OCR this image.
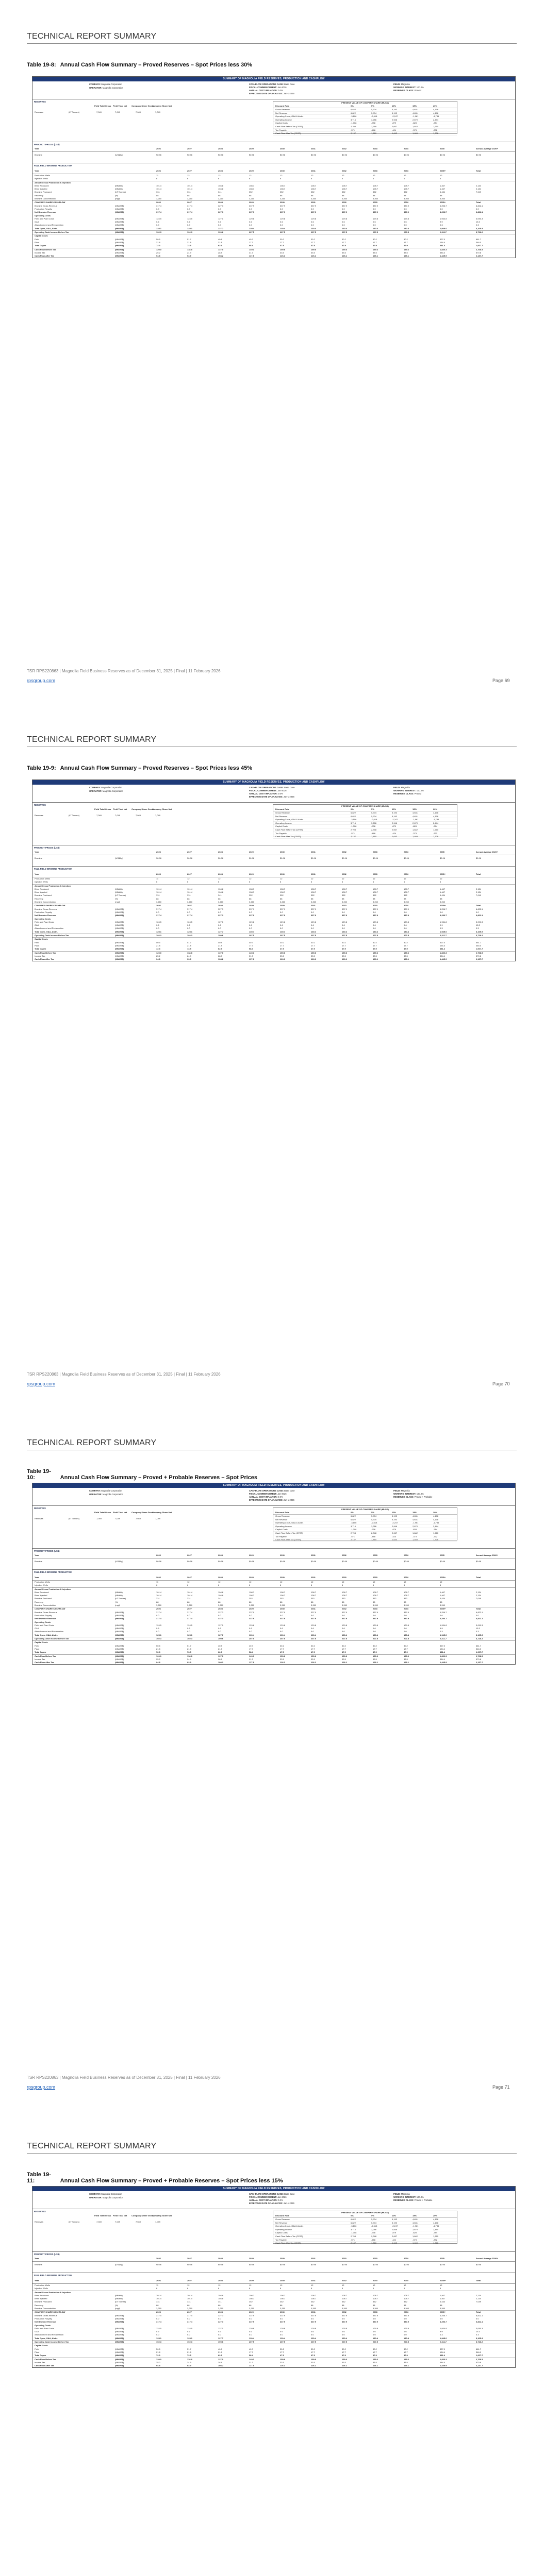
TECHNICAL REPORT SUMMARY
Table 19-8: Annual Cash Flow Summary – Proved Reserves – Spot Prices less 30%
SUMMARY OF MAGNOLIA FIELD RESERVES, PRODUCTION AND CASHFLOW
COMPANY: Magnolia Corporation
OPERATOR: Magnolia Corporation
CASHFLOW OPERATIONS CASE: Base Case
FISCAL COMMENCEMENT: Jan-2026
ANNUAL COST INFLATION: 0.0%
EFFECTIVE DATE OF ANALYSIS: Jan-1-2026
FIELD: Magnolia
WORKING INTEREST: 100.0%
RESERVES CLASS: Proved
RESERVES
Field Total Gross Field Total Net	Company Share Gross
Company Share Net
Reserves	(kT Tonnes)	7,049	7,049	7,049	7,049
PRESENT VALUE OF COMPANY SHARE (MUSD)
Discount Rate	0%	5%	10%	15%	20%
Gross Revenue	6,822	5,904	5,193	4,631	4,178
Net Revenue	6,822	5,904	5,193	4,631	4,178
Operating Costs, G&A & Abdn.	-3,106	-2,618	-2,247	-1,961	-1,734
Operating Income	3,716	3,286	2,946	2,670	2,444
Capital Costs	-1,008	-938	-879	-828	-784
Cash Flow Before Tax (CFBT)	2,708	2,348	2,067	1,842	1,660
Tax Payable	-571	-488	-424	-373	-332
Cash Flow After Tax (CFAT)	2,137	1,860	1,643	1,469	1,328
PRODUCT PRICES (US$)
Year	2026	2027	2028	2029	2030	2031	2032	2033	2034	2035	Annual Average 2026+
Bromine	(US$/kg)	$0.96	$0.96	$0.96	$0.96	$0.96	$0.96	$0.96	$0.96	$0.96	$0.96	$0.96
FULL FIELD BROMINE PRODUCTION
Year	2026	2027	2028	2029	2030	2031	2032	2033	2034	2035+	Total
Production Wells	11	12	12	12	12	12	12	12	12	12
Injection Wells	6	6	6	6	6	6	6	6	6	6
Annual Gross Production & Injection
Brine Produced	(MMbbl)	101.4	101.4	104.8	108.7	108.7	108.7	108.7	108.7	108.7	1,467	2,134
Brine Injected	(MMbbl)	101.4	101.4	104.8	108.7	108.7	108.7	108.7	108.7	108.7	1,467	2,134
Bromine Produced	(kT Tonnes)	331	331	341	352	352	352	352	352	352	4,434	7,049
Recovery	(%)	88	88	88	88	88	88	88	88	88	88
Bromine Concentration	(mg/l)	3,260	3,260	3,260	3,260	3,260	3,260	3,260	3,260	3,260	3,260
COMPANY SHARE CASHFLOW	2026	2027	2028	2029	2030	2031	2032	2033	2034	2035+	Total
Bromine Gross Revenue	(MMUS$)	317.4	317.4	327.3	337.9	337.9	337.9	337.9	337.9	337.9	4,256.7	6,822.1
Production Royalty	(MMUS$)	0.0	0.0	0.0	0.0	0.0	0.0	0.0	0.0	0.0	0.0	0.0
Net Bromine Revenue	(MMUS$)	317.4	317.4	327.3	337.9	337.9	337.9	337.9	337.9	337.9	4,256.7	6,822.1
Operating Costs
Field and Plant Costs	(MMUS$)	124.5	124.5	127.1	129.8	129.8	129.8	129.8	129.8	129.8	1,934.8	3,090.3
G&A	(MMUS$)	0.6	0.6	0.6	0.6	0.6	0.6	0.6	0.6	0.6	9.9	15.3
Abandonment and Reclamation	(MMUS$)	0.0	0.0	0.0	0.0	0.0	0.0	0.0	0.0	0.0	0.3	0.3
Total Opex, G&A, Abdn.	(MMUS$)	125.1	125.1	127.7	130.4	130.4	130.4	130.4	130.4	130.4	1,945.0	3,105.9
Operating Cash Income Before Tax	(MMUS$)	192.3	192.3	199.6	207.5	207.5	207.5	207.5	207.5	207.5	2,311.7	3,716.2
Capital Costs
Field	(MMUS$)	50.5	51.7	40.8	40.7	30.2	30.2	30.2	30.2	30.2	327.0	661.7
Plant	(MMUS$)	21.8	21.8	21.8	17.7	17.7	17.7	17.7	17.7	17.7	154.4	346.0
Total Capex	(MMUS$)	72.3	73.5	62.6	58.4	47.9	47.9	47.9	47.9	47.9	481.4	1,007.7
Cash Flow Before Tax	(MMUS$)	120.0	118.8	137.0	149.1	159.6	159.6	159.6	159.6	159.6	1,830.3	2,708.5
Income Tax	(MMUS$)	25.2	24.9	28.8	31.3	33.5	33.5	33.5	33.5	33.5	384.4	570.8
Cash Flow After Tax	(MMUS$)	94.8	93.9	108.2	117.8	126.1	126.1	126.1	126.1	126.1	1,445.9	2,137.7
TSR RPS220863 | Magnolia Field Business Reserves as of December 31, 2025 | Final | 11 February 2026
rpsgroup.com	Page 69
TECHNICAL REPORT SUMMARY
Table 19-9: Annual Cash Flow Summary – Proved Reserves – Spot Prices less 45%
SUMMARY OF MAGNOLIA FIELD RESERVES, PRODUCTION AND CASHFLOW
COMPANY: Magnolia Corporation
OPERATOR: Magnolia Corporation
CASHFLOW OPERATIONS CASE: Base Case
FISCAL COMMENCEMENT: Jan-2026
ANNUAL COST INFLATION: 0.0%
EFFECTIVE DATE OF ANALYSIS: Jan-1-2026
FIELD: Magnolia
WORKING INTEREST: 100.0%
RESERVES CLASS: Proved
RESERVES
Field Total Gross Field Total Net	Company Share Gross
Company Share Net
Reserves	(kT Tonnes)	7,049	7,049	7,049	7,049
PRESENT VALUE OF COMPANY SHARE (MUSD)
Discount Rate	0%	5%	10%	15%	20%
Gross Revenue	6,822	5,904	5,193	4,631	4,178
Net Revenue	6,822	5,904	5,193	4,631	4,178
Operating Costs, G&A & Abdn.	-3,106	-2,618	-2,247	-1,961	-1,734
Operating Income	3,716	3,286	2,946	2,670	2,444
Capital Costs	-1,008	-938	-879	-828	-784
Cash Flow Before Tax (CFBT)	2,708	2,348	2,067	1,842	1,660
Tax Payable	-571	-488	-424	-373	-332
Cash Flow After Tax (CFAT)	2,137	1,860	1,643	1,469	1,328
PRODUCT PRICES (US$)
Year	2026	2027	2028	2029	2030	2031	2032	2033	2034	2035	Annual Average 2026+
Bromine	(US$/kg)	$0.96	$0.96	$0.96	$0.96	$0.96	$0.96	$0.96	$0.96	$0.96	$0.96	$0.96
FULL FIELD BROMINE PRODUCTION
Year	2026	2027	2028	2029	2030	2031	2032	2033	2034	2035+	Total
Production Wells	11	12	12	12	12	12	12	12	12	12
Injection Wells	6	6	6	6	6	6	6	6	6	6
Annual Gross Production & Injection
Brine Produced	(MMbbl)	101.4	101.4	104.8	108.7	108.7	108.7	108.7	108.7	108.7	1,467	2,134
Brine Injected	(MMbbl)	101.4	101.4	104.8	108.7	108.7	108.7	108.7	108.7	108.7	1,467	2,134
Bromine Produced	(kT Tonnes)	331	331	341	352	352	352	352	352	352	4,434	7,049
Recovery	(%)	88	88	88	88	88	88	88	88	88	88
Bromine Concentration	(mg/l)	3,260	3,260	3,260	3,260	3,260	3,260	3,260	3,260	3,260	3,260
COMPANY SHARE CASHFLOW	2026	2027	2028	2029	2030	2031	2032	2033	2034	2035+	Total
Bromine Gross Revenue	(MMUS$)	317.4	317.4	327.3	337.9	337.9	337.9	337.9	337.9	337.9	4,256.7	6,822.1
Production Royalty	(MMUS$)	0.0	0.0	0.0	0.0	0.0	0.0	0.0	0.0	0.0	0.0	0.0
Net Bromine Revenue	(MMUS$)	317.4	317.4	327.3	337.9	337.9	337.9	337.9	337.9	337.9	4,256.7	6,822.1
Operating Costs
Field and Plant Costs	(MMUS$)	124.5	124.5	127.1	129.8	129.8	129.8	129.8	129.8	129.8	1,934.8	3,090.3
G&A	(MMUS$)	0.6	0.6	0.6	0.6	0.6	0.6	0.6	0.6	0.6	9.9	15.3
Abandonment and Reclamation	(MMUS$)	0.0	0.0	0.0	0.0	0.0	0.0	0.0	0.0	0.0	0.3	0.3
Total Opex, G&A, Abdn.	(MMUS$)	125.1	125.1	127.7	130.4	130.4	130.4	130.4	130.4	130.4	1,945.0	3,105.9
Operating Cash Income Before Tax	(MMUS$)	192.3	192.3	199.6	207.5	207.5	207.5	207.5	207.5	207.5	2,311.7	3,716.2
Capital Costs
Field	(MMUS$)	50.5	51.7	40.8	40.7	30.2	30.2	30.2	30.2	30.2	327.0	661.7
Plant	(MMUS$)	21.8	21.8	21.8	17.7	17.7	17.7	17.7	17.7	17.7	154.4	346.0
Total Capex	(MMUS$)	72.3	73.5	62.6	58.4	47.9	47.9	47.9	47.9	47.9	481.4	1,007.7
Cash Flow Before Tax	(MMUS$)	120.0	118.8	137.0	149.1	159.6	159.6	159.6	159.6	159.6	1,830.3	2,708.5
Income Tax	(MMUS$)	25.2	24.9	28.8	31.3	33.5	33.5	33.5	33.5	33.5	384.4	570.8
Cash Flow After Tax	(MMUS$)	94.8	93.9	108.2	117.8	126.1	126.1	126.1	126.1	126.1	1,445.9	2,137.7
TSR RPS220863 | Magnolia Field Business Reserves as of December 31, 2025 | Final | 11 February 2026
rpsgroup.com	Page 70
TECHNICAL REPORT SUMMARY
Table 19-10:	Annual Cash Flow Summary – Proved + Probable Reserves – Spot Prices
SUMMARY OF MAGNOLIA FIELD RESERVES, PRODUCTION AND CASHFLOW
COMPANY: Magnolia Corporation
OPERATOR: Magnolia Corporation
CASHFLOW OPERATIONS CASE: Base Case
FISCAL COMMENCEMENT: Jan-2026
ANNUAL COST INFLATION: 0.0%
EFFECTIVE DATE OF ANALYSIS: Jan-1-2026
FIELD: Magnolia
WORKING INTEREST: 100.0%
RESERVES CLASS: Proved + Probable
RESERVES
Field Total Gross Field Total Net	Company Share Gross
Company Share Net
Reserves	(kT Tonnes)	7,049	7,049	7,049	7,049
PRESENT VALUE OF COMPANY SHARE (MUSD)
Discount Rate	0%	5%	10%	15%	20%
Gross Revenue	6,822	5,904	5,193	4,631	4,178
Net Revenue	6,822	5,904	5,193	4,631	4,178
Operating Costs, G&A & Abdn.	-3,106	-2,618	-2,247	-1,961	-1,734
Operating Income	3,716	3,286	2,946	2,670	2,444
Capital Costs	-1,008	-938	-879	-828	-784
Cash Flow Before Tax (CFBT)	2,708	2,348	2,067	1,842	1,660
Tax Payable	-571	-488	-424	-373	-332
Cash Flow After Tax (CFAT)	2,137	1,860	1,643	1,469	1,328
PRODUCT PRICES (US$)
Year	2026	2027	2028	2029	2030	2031	2032	2033	2034	2035	Annual Average 2026+
Bromine	(US$/kg)	$0.96	$0.96	$0.96	$0.96	$0.96	$0.96	$0.96	$0.96	$0.96	$0.96	$0.96
FULL FIELD BROMINE PRODUCTION
Year	2026	2027	2028	2029	2030	2031	2032	2033	2034	2035+	Total
Production Wells	11	12	12	12	12	12	12	12	12	12
Injection Wells	6	6	6	6	6	6	6	6	6	6
Annual Gross Production & Injection
Brine Produced	(MMbbl)	101.4	101.4	104.8	108.7	108.7	108.7	108.7	108.7	108.7	1,467	2,134
Brine Injected	(MMbbl)	101.4	101.4	104.8	108.7	108.7	108.7	108.7	108.7	108.7	1,467	2,134
Bromine Produced	(kT Tonnes)	331	331	341	352	352	352	352	352	352	4,434	7,049
Recovery	(%)	88	88	88	88	88	88	88	88	88	88
Bromine Concentration	(mg/l)	3,260	3,260	3,260	3,260	3,260	3,260	3,260	3,260	3,260	3,260
COMPANY SHARE CASHFLOW	2026	2027	2028	2029	2030	2031	2032	2033	2034	2035+	Total
Bromine Gross Revenue	(MMUS$)	317.4	317.4	327.3	337.9	337.9	337.9	337.9	337.9	337.9	4,256.7	6,822.1
Production Royalty	(MMUS$)	0.0	0.0	0.0	0.0	0.0	0.0	0.0	0.0	0.0	0.0	0.0
Net Bromine Revenue	(MMUS$)	317.4	317.4	327.3	337.9	337.9	337.9	337.9	337.9	337.9	4,256.7	6,822.1
Operating Costs
Field and Plant Costs	(MMUS$)	124.5	124.5	127.1	129.8	129.8	129.8	129.8	129.8	129.8	1,934.8	3,090.3
G&A	(MMUS$)	0.6	0.6	0.6	0.6	0.6	0.6	0.6	0.6	0.6	9.9	15.3
Abandonment and Reclamation	(MMUS$)	0.0	0.0	0.0	0.0	0.0	0.0	0.0	0.0	0.0	0.3	0.3
Total Opex, G&A, Abdn.	(MMUS$)	125.1	125.1	127.7	130.4	130.4	130.4	130.4	130.4	130.4	1,945.0	3,105.9
Operating Cash Income Before Tax	(MMUS$)	192.3	192.3	199.6	207.5	207.5	207.5	207.5	207.5	207.5	2,311.7	3,716.2
Capital Costs
Field	(MMUS$)	50.5	51.7	40.8	40.7	30.2	30.2	30.2	30.2	30.2	327.0	661.7
Plant	(MMUS$)	21.8	21.8	21.8	17.7	17.7	17.7	17.7	17.7	17.7	154.4	346.0
Total Capex	(MMUS$)	72.3	73.5	62.6	58.4	47.9	47.9	47.9	47.9	47.9	481.4	1,007.7
Cash Flow Before Tax	(MMUS$)	120.0	118.8	137.0	149.1	159.6	159.6	159.6	159.6	159.6	1,830.3	2,708.5
Income Tax	(MMUS$)	25.2	24.9	28.8	31.3	33.5	33.5	33.5	33.5	33.5	384.4	570.8
Cash Flow After Tax	(MMUS$)	94.8	93.9	108.2	117.8	126.1	126.1	126.1	126.1	126.1	1,445.9	2,137.7
TSR RPS220863 | Magnolia Field Business Reserves as of December 31, 2025 | Final | 11 February 2026
rpsgroup.com	Page 71
TECHNICAL REPORT SUMMARY
Table 19-11:	Annual Cash Flow Summary – Proved + Probable Reserves – Spot Prices less 15%
SUMMARY OF MAGNOLIA FIELD RESERVES, PRODUCTION AND CASHFLOW
COMPANY: Magnolia Corporation
OPERATOR: Magnolia Corporation
CASHFLOW OPERATIONS CASE: Base Case
FISCAL COMMENCEMENT: Jan-2026
ANNUAL COST INFLATION: 0.0%
EFFECTIVE DATE OF ANALYSIS: Jan-1-2026
FIELD: Magnolia
WORKING INTEREST: 100.0%
RESERVES CLASS: Proved + Probable
RESERVES
Field Total Gross Field Total Net	Company Share Gross
Company Share Net
Reserves	(kT Tonnes)	7,049	7,049	7,049	7,049
PRESENT VALUE OF COMPANY SHARE (MUSD)
Discount Rate	0%	5%	10%	15%	20%
Gross Revenue	6,822	5,904	5,193	4,631	4,178
Net Revenue	6,822	5,904	5,193	4,631	4,178
Operating Costs, G&A & Abdn.	-3,106	-2,618	-2,247	-1,961	-1,734
Operating Income	3,716	3,286	2,946	2,670	2,444
Capital Costs	-1,008	-938	-879	-828	-784
Cash Flow Before Tax (CFBT)	2,708	2,348	2,067	1,842	1,660
Tax Payable	-571	-488	-424	-373	-332
Cash Flow After Tax (CFAT)	2,137	1,860	1,643	1,469	1,328
PRODUCT PRICES (US$)
Year	2026	2027	2028	2029	2030	2031	2032	2033	2034	2035	Annual Average 2026+
Bromine	(US$/kg)	$0.96	$0.96	$0.96	$0.96	$0.96	$0.96	$0.96	$0.96	$0.96	$0.96	$0.96
FULL FIELD BROMINE PRODUCTION
Year	2026	2027	2028	2029	2030	2031	2032	2033	2034	2035+	Total
Production Wells	11	12	12	12	12	12	12	12	12	12
Injection Wells	6	6	6	6	6	6	6	6	6	6
Annual Gross Production & Injection
Brine Produced	(MMbbl)	101.4	101.4	104.8	108.7	108.7	108.7	108.7	108.7	108.7	1,467	2,134
Brine Injected	(MMbbl)	101.4	101.4	104.8	108.7	108.7	108.7	108.7	108.7	108.7	1,467	2,134
Bromine Produced	(kT Tonnes)	331	331	341	352	352	352	352	352	352	4,434	7,049
Recovery	(%)	88	88	88	88	88	88	88	88	88	88
Bromine Concentration	(mg/l)	3,260	3,260	3,260	3,260	3,260	3,260	3,260	3,260	3,260	3,260
COMPANY SHARE CASHFLOW	2026	2027	2028	2029	2030	2031	2032	2033	2034	2035+	Total
Bromine Gross Revenue	(MMUS$)	317.4	317.4	327.3	337.9	337.9	337.9	337.9	337.9	337.9	4,256.7	6,822.1
Production Royalty	(MMUS$)	0.0	0.0	0.0	0.0	0.0	0.0	0.0	0.0	0.0	0.0	0.0
Net Bromine Revenue	(MMUS$)	317.4	317.4	327.3	337.9	337.9	337.9	337.9	337.9	337.9	4,256.7	6,822.1
Operating Costs
Field and Plant Costs	(MMUS$)	124.5	124.5	127.1	129.8	129.8	129.8	129.8	129.8	129.8	1,934.8	3,090.3
G&A	(MMUS$)	0.6	0.6	0.6	0.6	0.6	0.6	0.6	0.6	0.6	9.9	15.3
Abandonment and Reclamation	(MMUS$)	0.0	0.0	0.0	0.0	0.0	0.0	0.0	0.0	0.0	0.3	0.3
Total Opex, G&A, Abdn.	(MMUS$)	125.1	125.1	127.7	130.4	130.4	130.4	130.4	130.4	130.4	1,945.0	3,105.9
Operating Cash Income Before Tax	(MMUS$)	192.3	192.3	199.6	207.5	207.5	207.5	207.5	207.5	207.5	2,311.7	3,716.2
Capital Costs
Field	(MMUS$)	50.5	51.7	40.8	40.7	30.2	30.2	30.2	30.2	30.2	327.0	661.7
Plant	(MMUS$)	21.8	21.8	21.8	17.7	17.7	17.7	17.7	17.7	17.7	154.4	346.0
Total Capex	(MMUS$)	72.3	73.5	62.6	58.4	47.9	47.9	47.9	47.9	47.9	481.4	1,007.7
Cash Flow Before Tax	(MMUS$)	120.0	118.8	137.0	149.1	159.6	159.6	159.6	159.6	159.6	1,830.3	2,708.5
Income Tax	(MMUS$)	25.2	24.9	28.8	31.3	33.5	33.5	33.5	33.5	33.5	384.4	570.8
Cash Flow After Tax	(MMUS$)	94.8	93.9	108.2	117.8	126.1	126.1	126.1	126.1	126.1	1,445.9	2,137.7
